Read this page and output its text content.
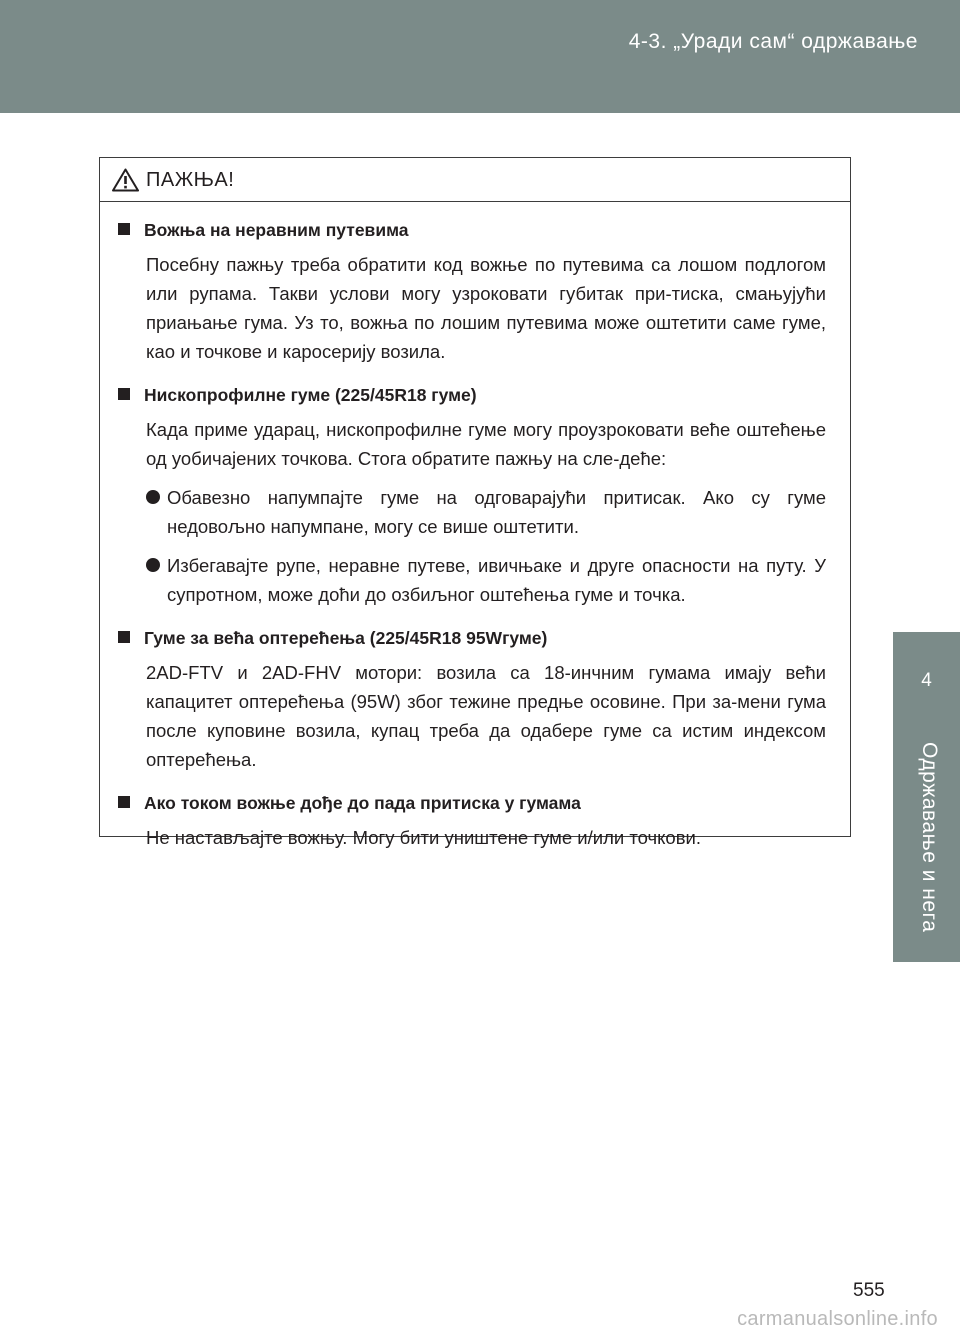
4-3. „Уради сам“ одржавање
4
Одржавање и нега
ПАЖЊА!
Вожња на неравним путевима
Посебну пажњу треба обратити код вожње по путевима са лошом подлогом или рупама. Такви услови могу узроковати губитак при-тиска, смањујући приањање гума. Уз то, вожња по лошим путевима може оштетити саме гуме, као и точкове и каросерију возила.
Нископрофилне гуме (225/45R18 гуме)
Када приме ударац, нископрофилне гуме могу проузроковати веће оштећење од уобичајених точкова. Стога обратите пажњу на сле-деће:
Обавезно напумпајте гуме на одговарајући притисак. Ако су гуме недовољно напумпане, могу се више оштетити.
Избегавајте рупе, неравне путеве, ивичњаке и друге опасности на путу. У супротном, може доћи до озбиљног оштећења гуме и точка.
Гуме за већа оптерећења (225/45R18 95Wгуме)
2AD-FTV и 2AD-FHV мотори: возила са 18-инчним гумама имају већи капацитет оптерећења (95W) због тежине предње осовине. При за-мени гума после куповине возила, купац треба да одабере гуме са истим индексом оптерећења.
Ако током вожње дође до пада притиска у гумама
Не настављајте вожњу. Могу бити уништене гуме и/или точкови.
555
carmanualsonline.info
